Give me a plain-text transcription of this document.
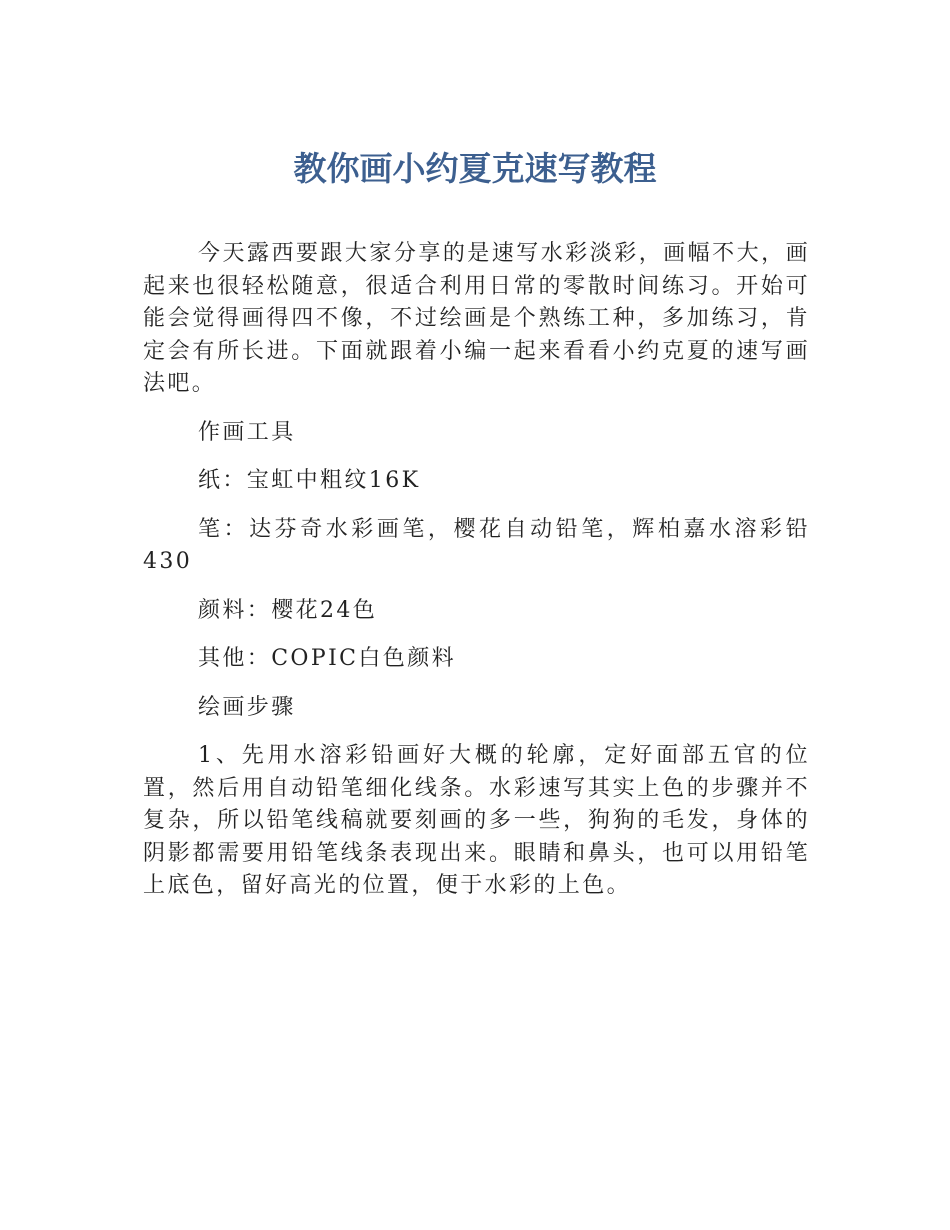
教你画小约夏克速写教程

今天露西要跟大家分享的是速写水彩淡彩，画幅不大，画起来也很轻松随意，很适合利用日常的零散时间练习。开始可能会觉得画得四不像，不过绘画是个熟练工种，多加练习，肯定会有所长进。下面就跟着小编一起来看看小约克夏的速写画法吧。

作画工具

纸：宝虹中粗纹16K

笔：达芬奇水彩画笔，樱花自动铅笔，辉柏嘉水溶彩铅430

颜料：樱花24色

其他：COPIC白色颜料

绘画步骤

1、先用水溶彩铅画好大概的轮廓，定好面部五官的位置，然后用自动铅笔细化线条。水彩速写其实上色的步骤并不复杂，所以铅笔线稿就要刻画的多一些，狗狗的毛发，身体的阴影都需要用铅笔线条表现出来。眼睛和鼻头，也可以用铅笔上底色，留好高光的位置，便于水彩的上色。
